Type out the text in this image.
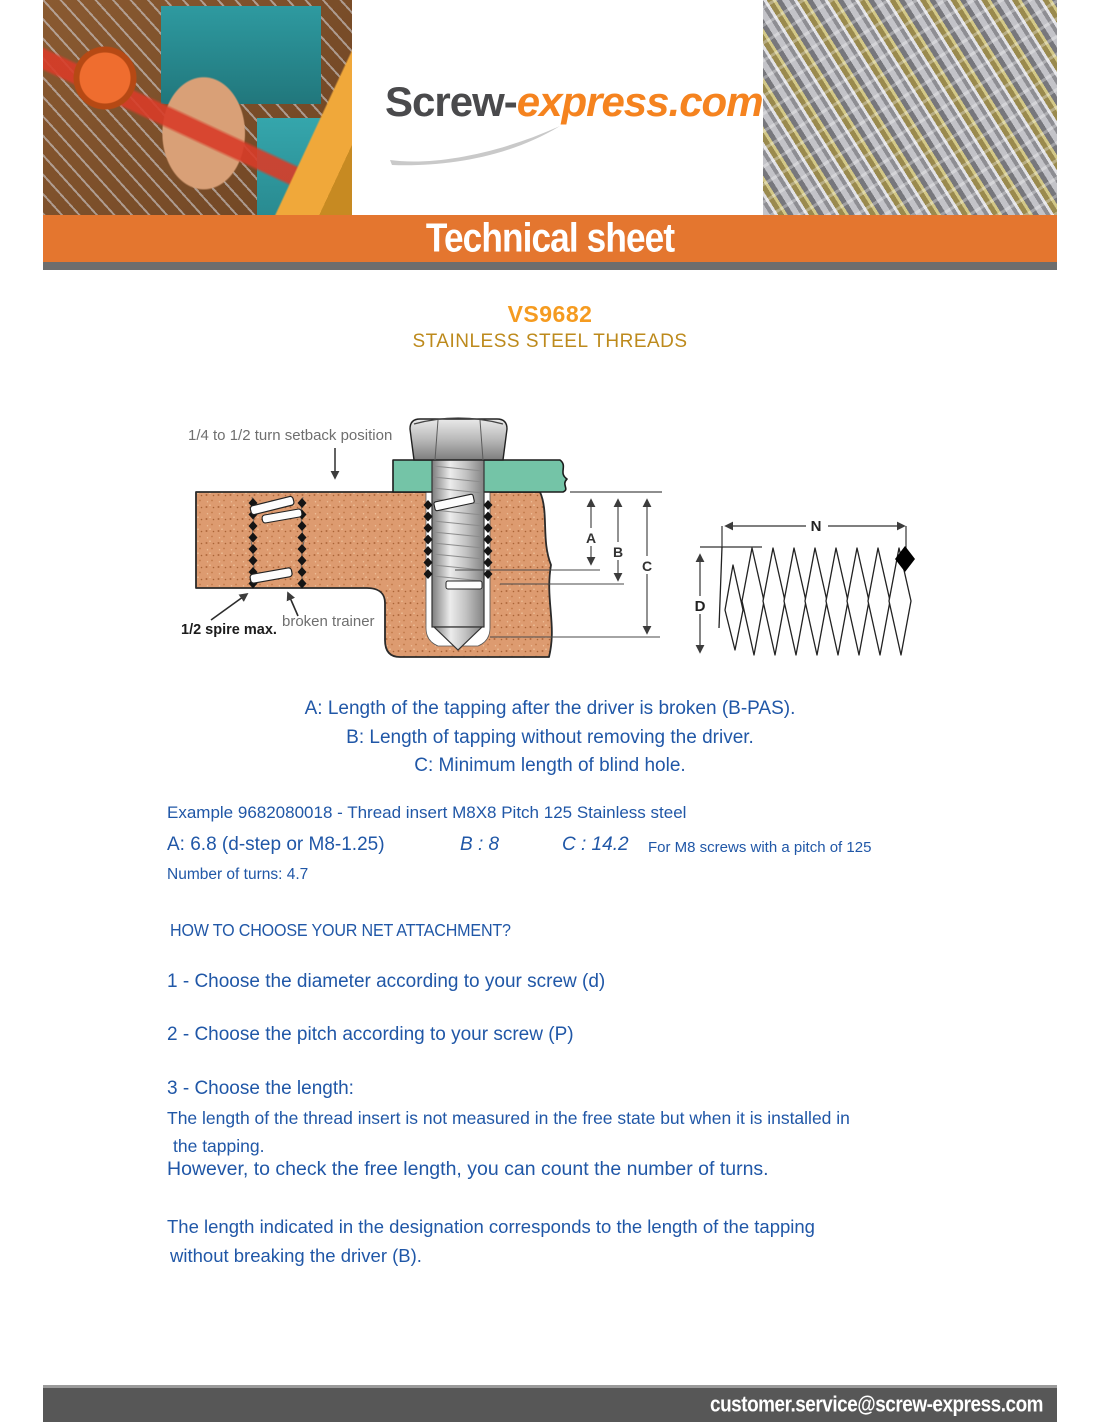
Screw-express.com
Technical sheet
VS9682
STAINLESS STEEL THREADS
1/4 to 1/2 turn setback position
1/2 spire max. broken trainer
A
B
C
N
D
A: Length of the tapping after the driver is broken (B-PAS).
B: Length of tapping without removing the driver.
C: Minimum length of blind hole.
Example 9682080018 - Thread insert M8X8 Pitch 125 Stainless steel
A: 6.8 (d-step or M8-1.25)	B : 8	C : 14.2 For M8 screws with a pitch of 125
Number of turns: 4.7
HOW TO CHOOSE YOUR NET ATTACHMENT?
1 - Choose the diameter according to your screw (d)
2 - Choose the pitch according to your screw (P)
3 - Choose the length:
The length of the thread insert is not measured in the free state but when it is installed in
the tapping.
However, to check the free length, you can count the number of turns.
The length indicated in the designation corresponds to the length of the tapping
without breaking the driver (B).
customer.service@screw-express.com
